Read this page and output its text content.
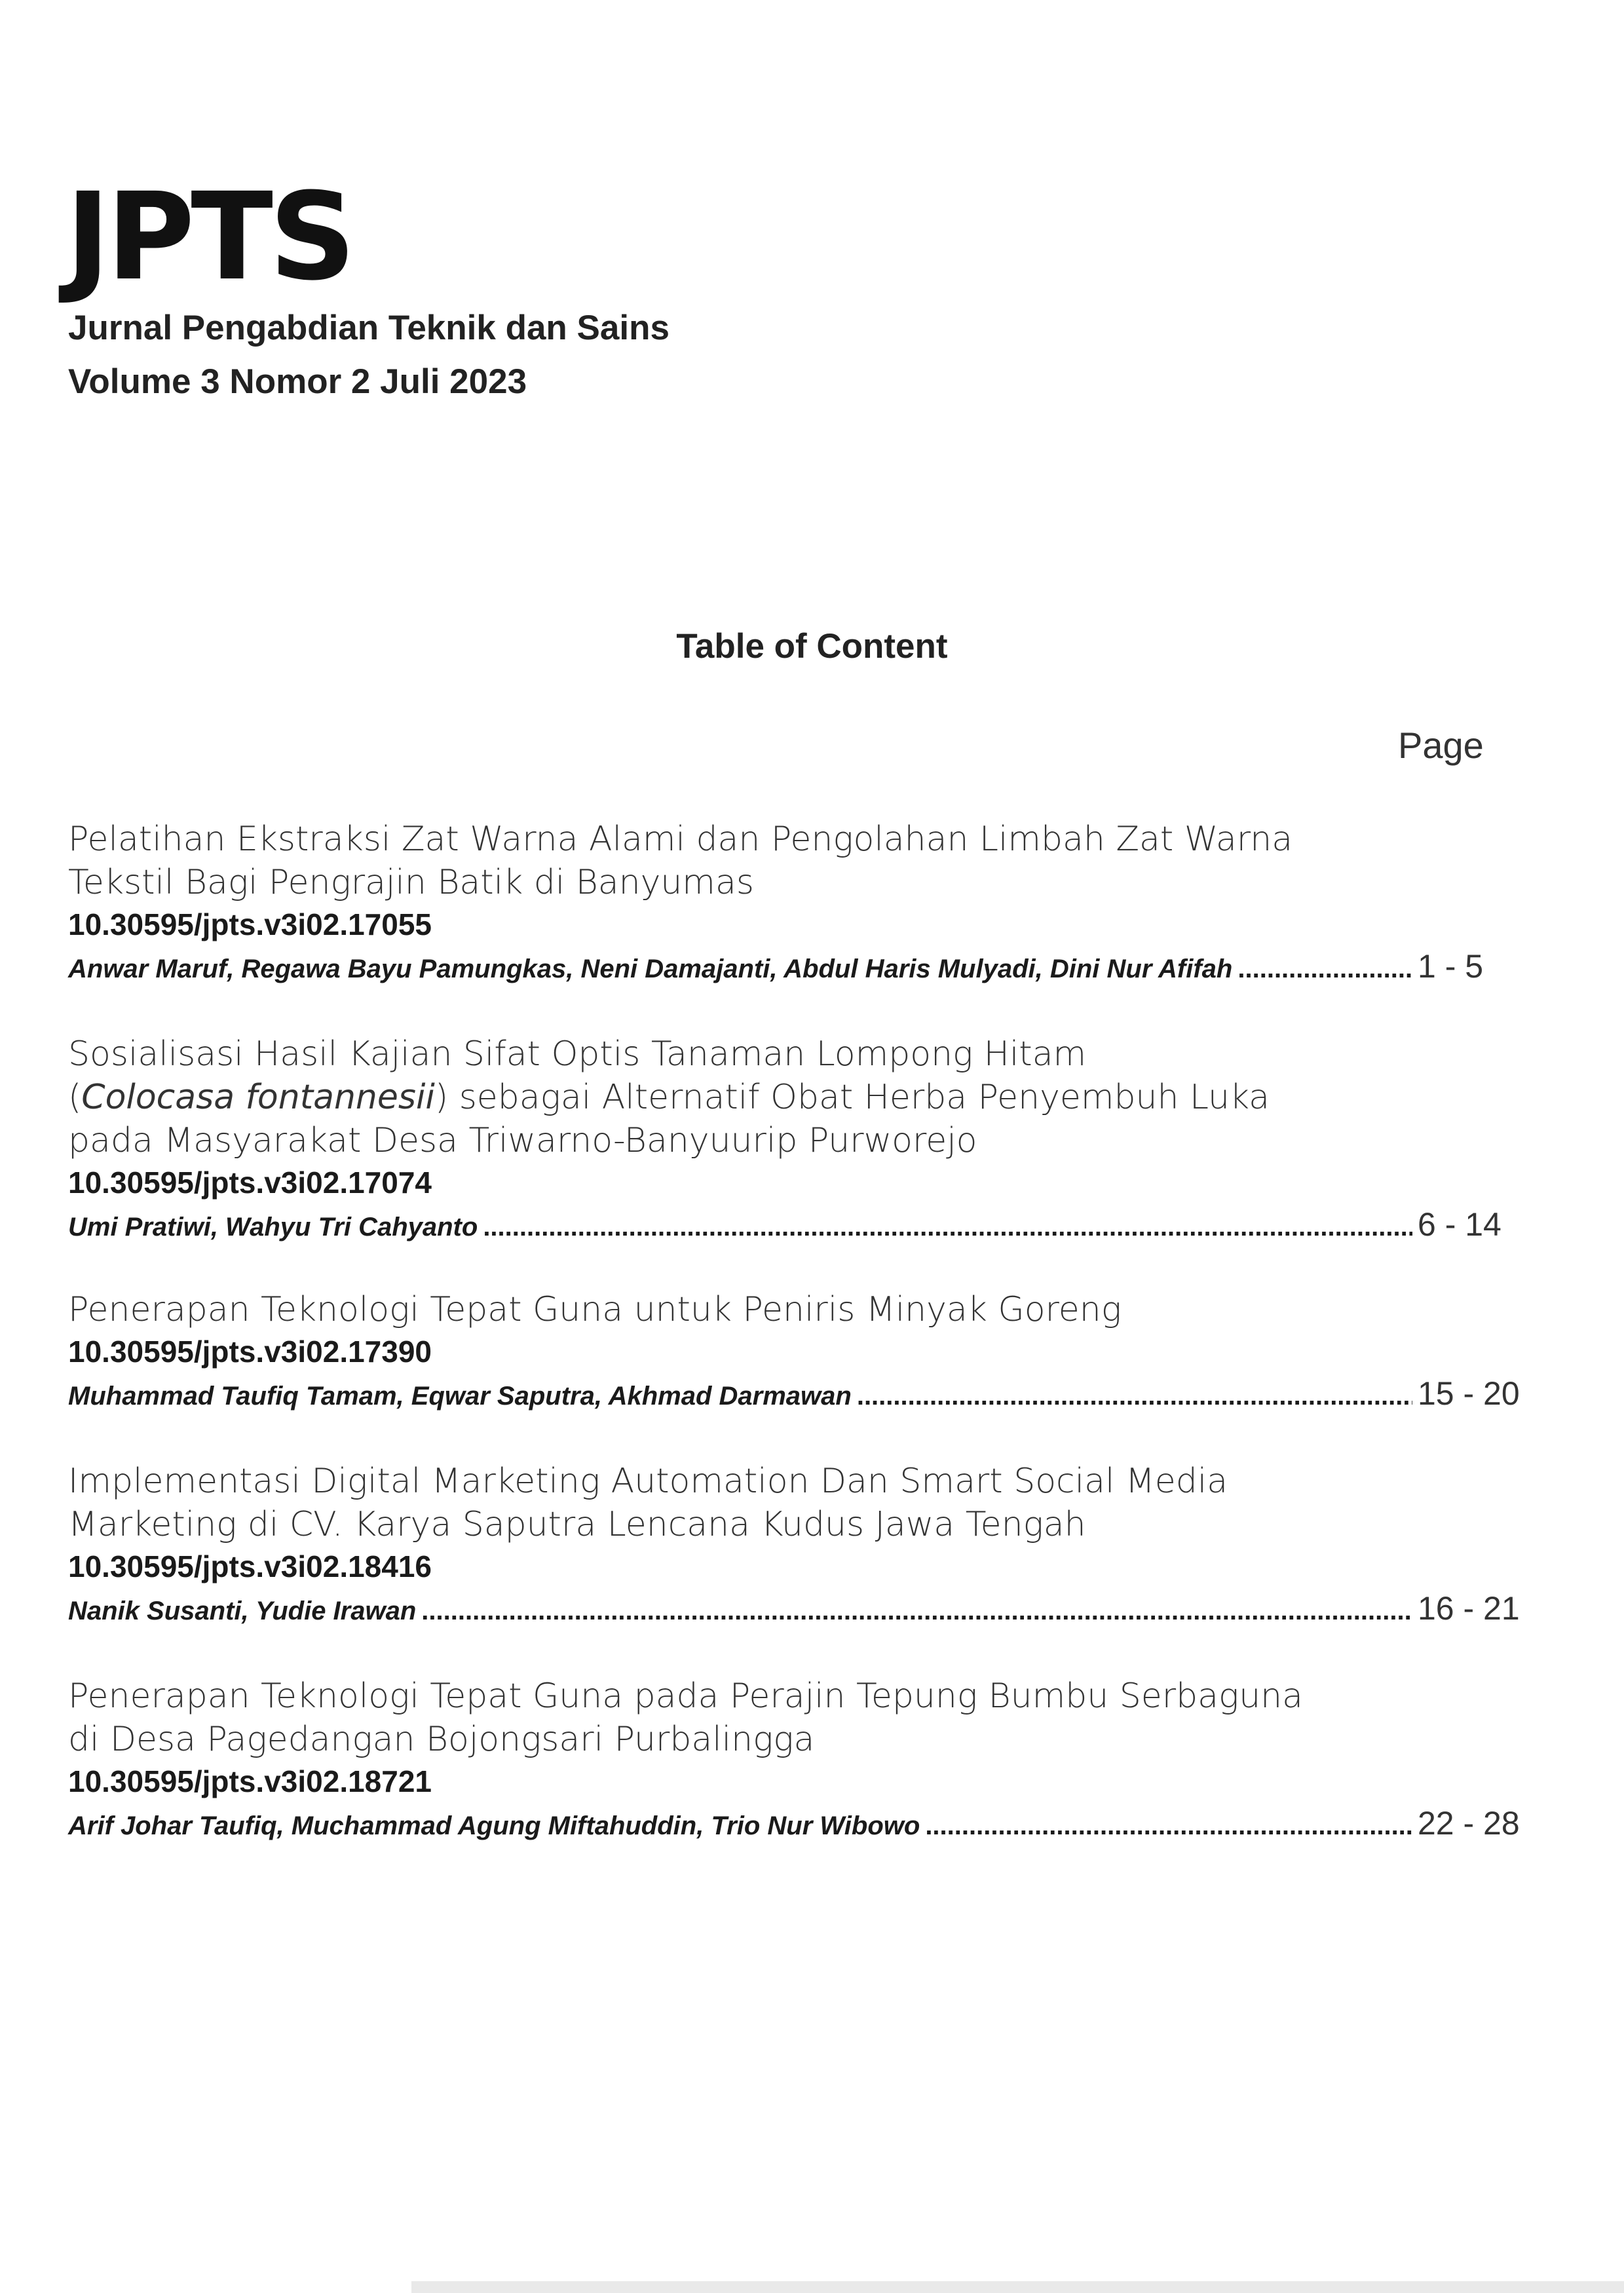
JPTS
Jurnal Pengabdian Teknik dan Sains
Volume 3 Nomor 2 Juli 2023
Table of Content
Page
Pelatihan Ekstraksi Zat Warna Alami dan Pengolahan Limbah Zat Warna
Tekstil Bagi Pengrajin Batik di Banyumas
10.30595/jpts.v3i02.17055
Anwar Maruf, Regawa Bayu Pamungkas, Neni Damajanti, Abdul Haris Mulyadi, Dini Nur Afifah .....	1 - 5
Sosialisasi Hasil Kajian Sifat Optis Tanaman Lompong Hitam
(Colocasa fontannesii) sebagai Alternatif Obat Herba Penyembuh Luka
pada Masyarakat Desa Triwarno-Banyuurip Purworejo
10.30595/jpts.v3i02.17074
Umi Pratiwi, Wahyu Tri Cahyanto .....	6 - 14
Penerapan Teknologi Tepat Guna untuk Peniris Minyak Goreng
10.30595/jpts.v3i02.17390
Muhammad Taufiq Tamam, Eqwar Saputra, Akhmad Darmawan .....	15 - 20
Implementasi Digital Marketing Automation Dan Smart Social Media
Marketing di CV. Karya Saputra Lencana Kudus Jawa Tengah
10.30595/jpts.v3i02.18416
Nanik Susanti, Yudie Irawan .....	16 - 21
Penerapan Teknologi Tepat Guna pada Perajin Tepung Bumbu Serbaguna
di Desa Pagedangan Bojongsari Purbalingga
10.30595/jpts.v3i02.18721
Arif Johar Taufiq, Muchammad Agung Miftahuddin, Trio Nur Wibowo .....	22 - 28
